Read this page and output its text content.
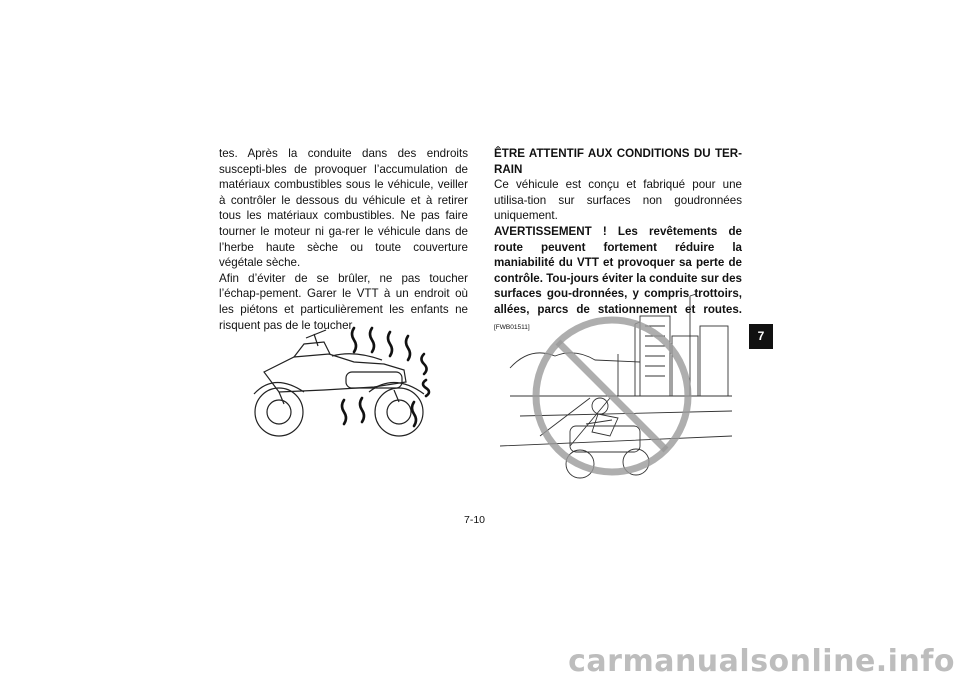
tes. Après la conduite dans des endroits suscepti-bles de provoquer l’accumulation de matériaux combustibles sous le véhicule, veiller à contrôler le dessous du véhicule et à retirer tous les matériaux combustibles. Ne pas faire tourner le moteur ni ga-rer le véhicule dans de l’herbe haute sèche ou toute couverture végétale sèche.

Afin d’éviter de se brûler, ne pas toucher l’échap-pement. Garer le VTT à un endroit où les piétons et particulièrement les enfants ne risquent pas de le toucher.

ÊTRE ATTENTIF AUX CONDITIONS DU TER-RAIN

Ce véhicule est conçu et fabriqué pour une utilisa-tion sur surfaces non goudronnées uniquement.

AVERTISSEMENT ! Les revêtements de route peuvent fortement réduire la maniabilité du VTT et provoquer sa perte de contrôle. Tou-jours éviter la conduite sur des surfaces gou-dronnées, y compris trottoirs, allées, parcs de stationnement et routes. [FWB01511]

7-10
7
carmanualsonline.info
